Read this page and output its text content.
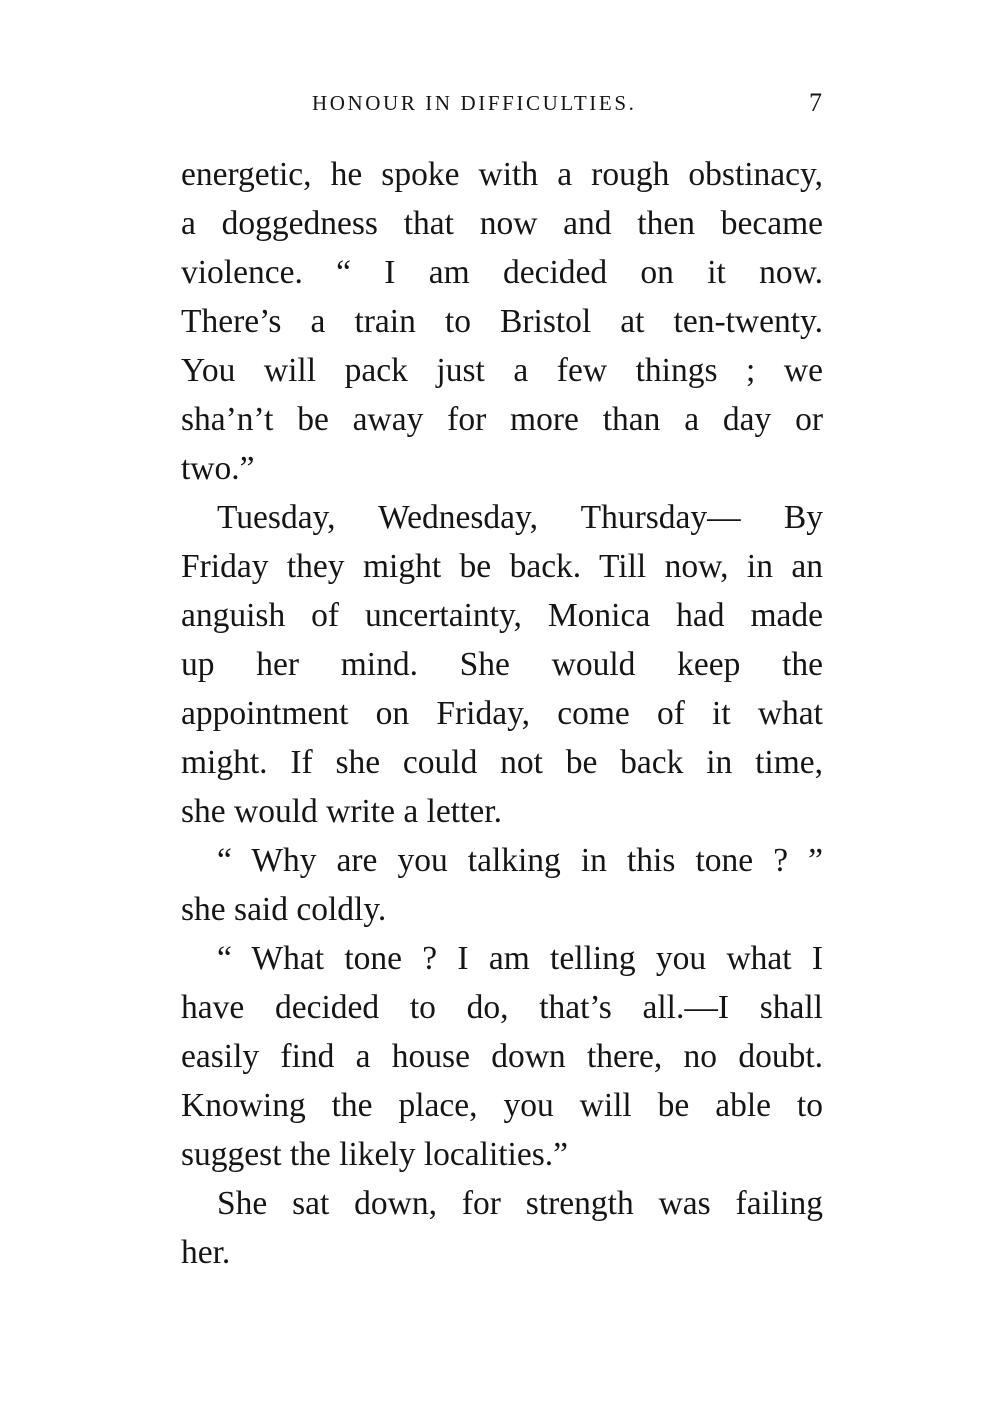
HONOUR IN DIFFICULTIES.	7

energetic, he spoke with a rough obstinacy,
a doggedness that now and then became
violence. “ I am decided on it now.
There’s a train to Bristol at ten-twenty.
You will pack just a few things ; we
sha’n’t be away for more than a day or
two.”

Tuesday, Wednesday, Thursday— By
Friday they might be back. Till now, in an
anguish of uncertainty, Monica had made
up her mind. She would keep the
appointment on Friday, come of it what
might. If she could not be back in time,
she would write a letter.

“ Why are you talking in this tone ? ”
she said coldly.

“ What tone ? I am telling you what I
have decided to do, that’s all.—I shall
easily find a house down there, no doubt.
Knowing the place, you will be able to
suggest the likely localities.”

She sat down, for strength was failing
her.
